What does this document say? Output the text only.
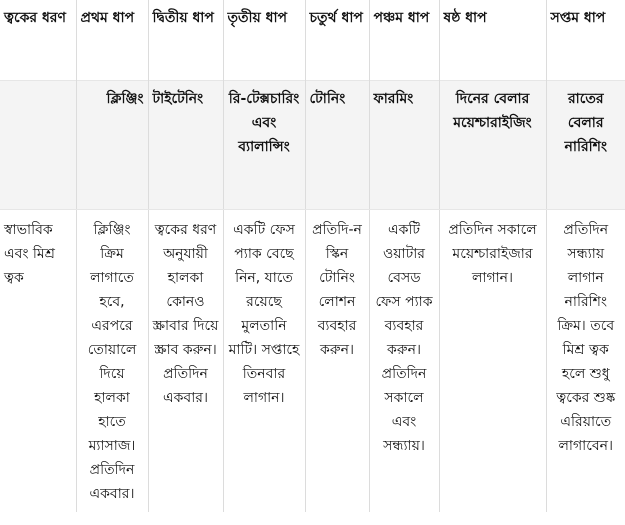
ত্বকের ধরণ	প্রথম ধাপ	দ্বিতীয় ধাপ	তৃতীয় ধাপ	চতুর্থ ধাপ	পঞ্চম ধাপ	ষষ্ঠ ধাপ	সপ্তম ধাপ
	ক্লিঞ্জিং	টাইটেনিং	রি-টেক্সচারিং এবং ব্যালান্সিং	টোনিং	ফারমিং	দিনের বেলার ময়েশ্চারাইজিং	রাতের বেলার নারিশিং
স্বাভাবিক এবং মিশ্র ত্বক	ক্লিঞ্জিং ক্রিম লাগাতে হবে, এরপরে তোয়ালে দিয়ে হালকা হাতে ম্যাসাজ। প্রতিদিন একবার।	ত্বকের ধরণ অনুযায়ী হালকা কোনও স্ক্রাবার দিয়ে স্ক্রাব করুন। প্রতিদিন একবার।	একটি ফেস প্যাক বেছে নিন, যাতে রয়েছে মুলতানি মাটি। সপ্তাহে তিনবার লাগান।	প্রতিদি-ন স্কিন টোনিং লোশন ব্যবহার করুন।	একটি ওয়াটার বেসড ফেস প্যাক ব্যবহার করুন। প্রতিদিন সকালে এবং সন্ধ্যায়।	প্রতিদিন সকালে ময়েশ্চারাইজার লাগান।	প্রতিদিন সন্ধ্যায় লাগান নারিশিং ক্রিম। তবে মিশ্র ত্বক হলে শুধু ত্বকের শুষ্ক এরিয়াতে লাগাবেন।
